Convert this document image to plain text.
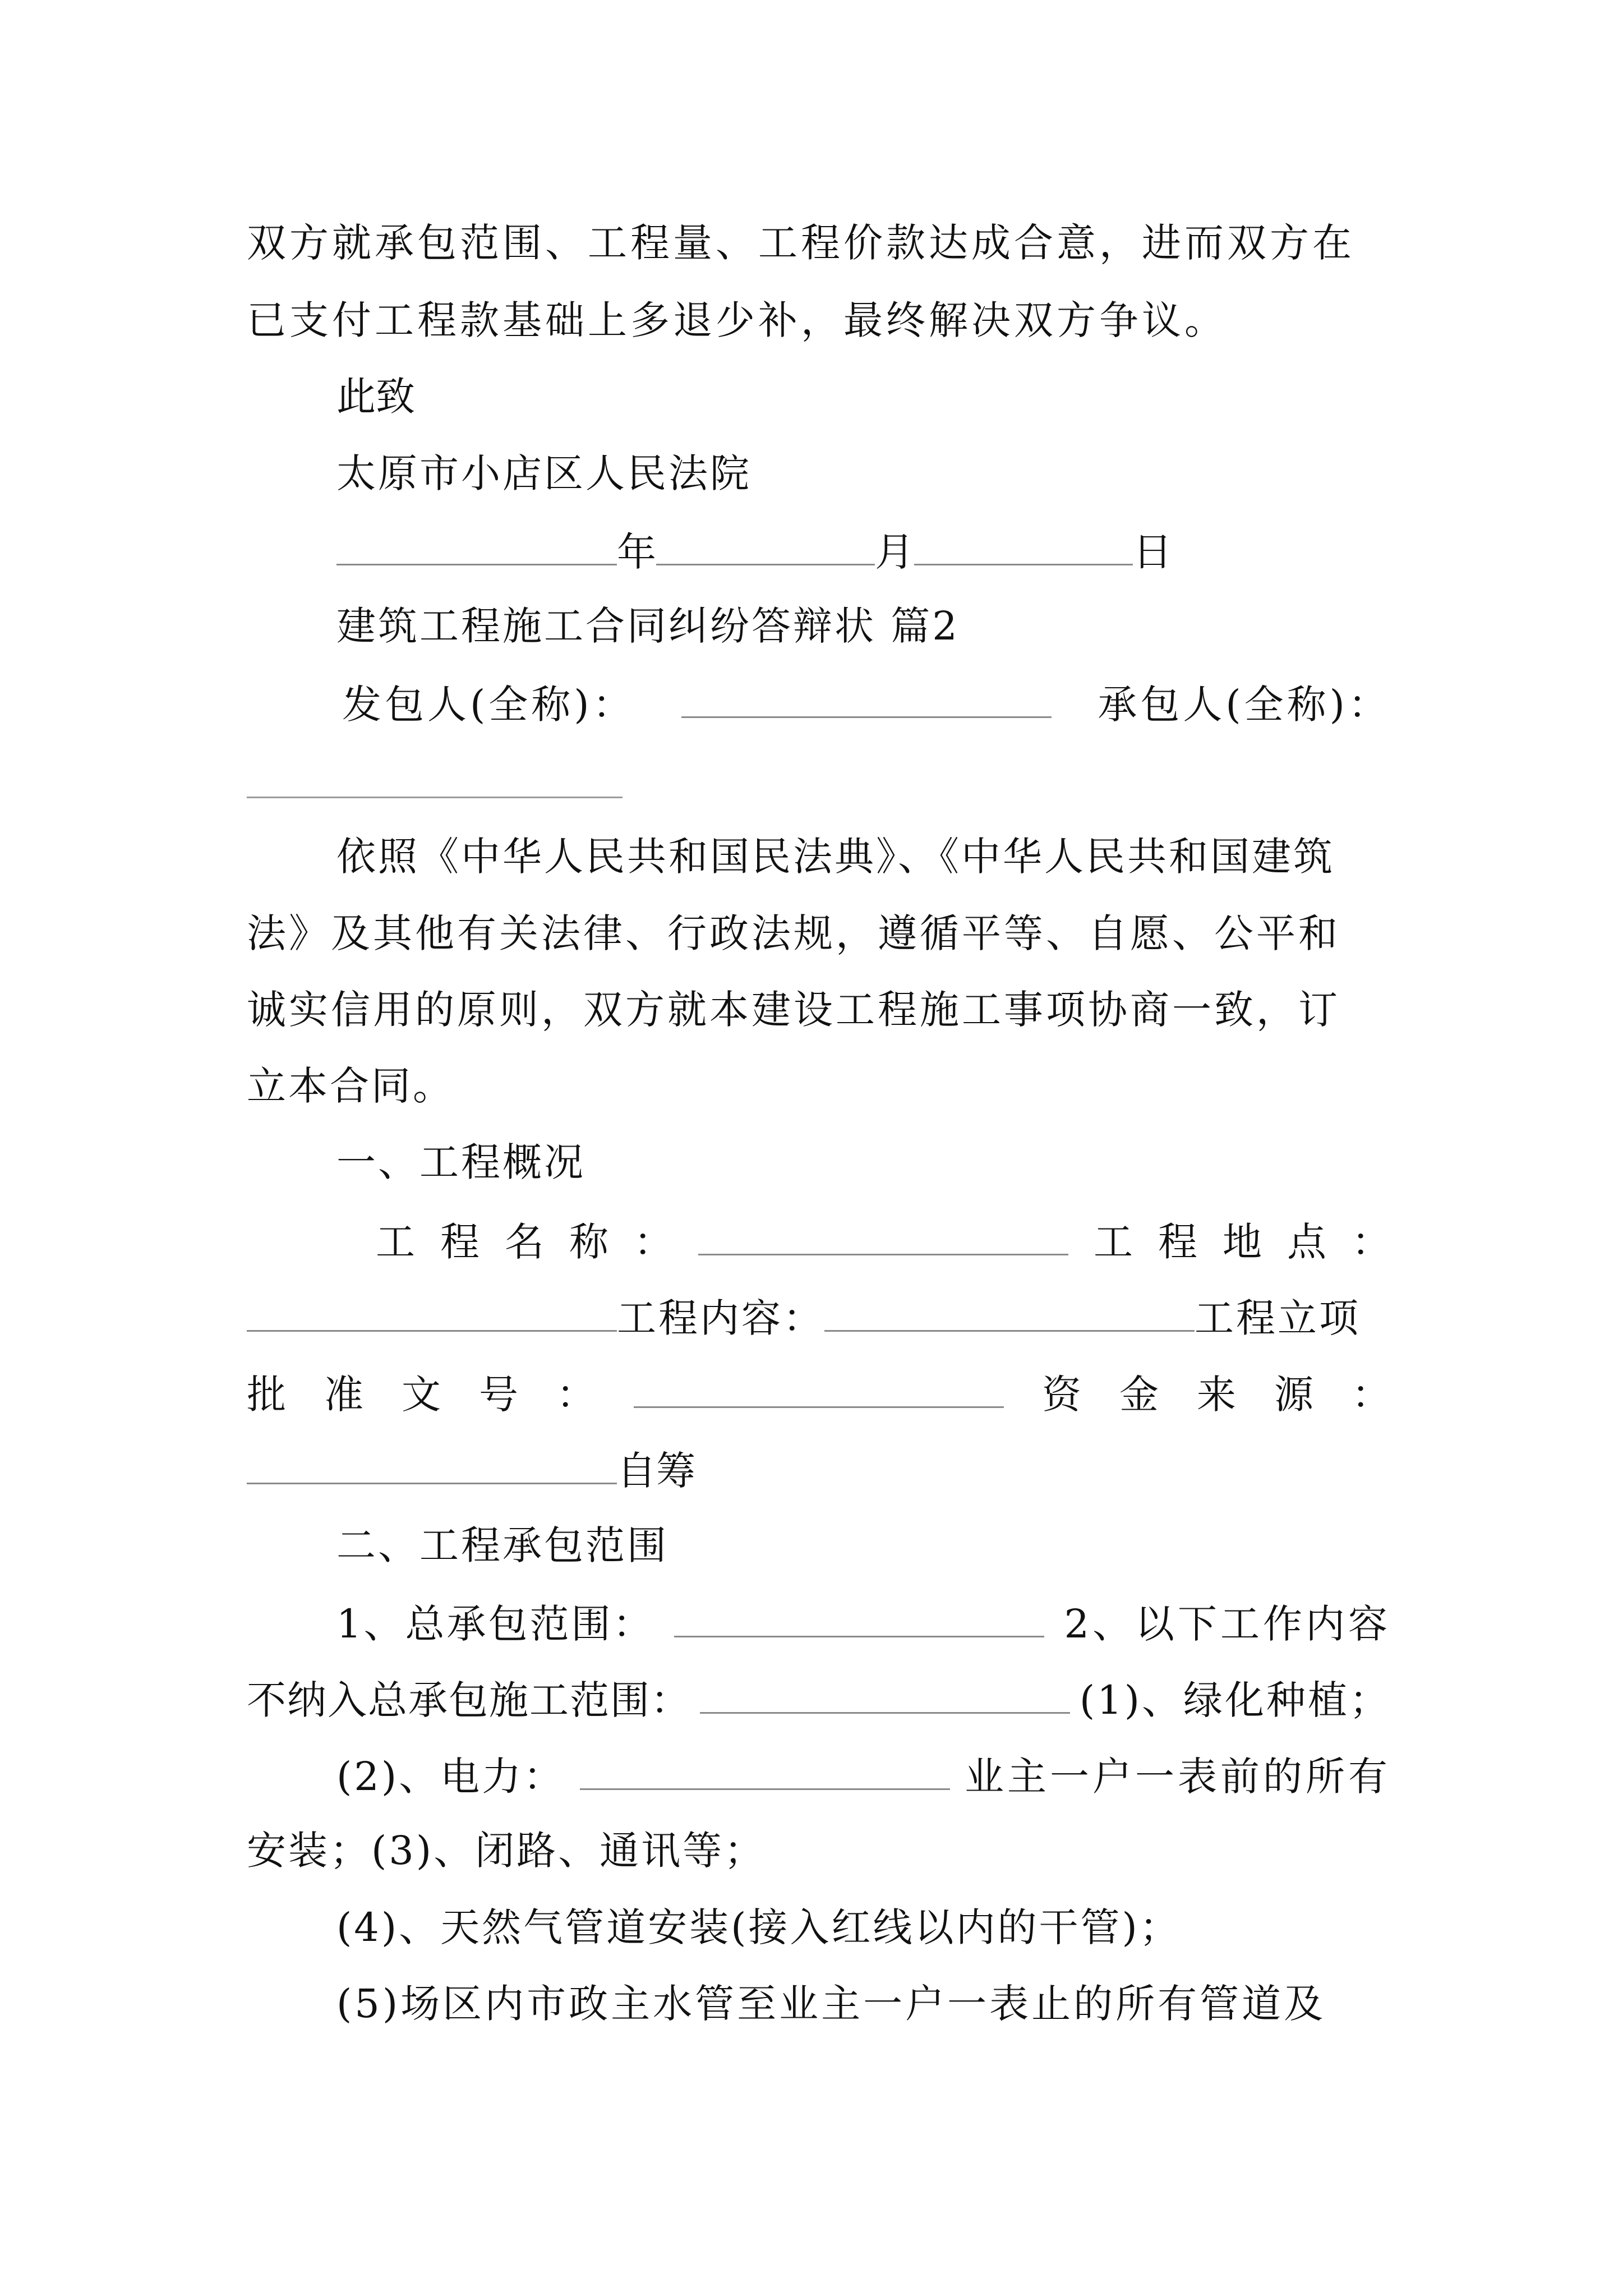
双方就承包范围、工程量、工程价款达成合意，进而双方在
已支付工程款基础上多退少补，最终解决双方争议。
此致
太原市小店区人民法院
年	月	日
建筑工程施工合同纠纷答辩状 篇2
发包人(全称)：	承包人(全称)：
依照《中华人民共和国民法典》、《中华人民共和国建筑
法》及其他有关法律、行政法规，遵循平等、自愿、公平和
诚实信用的原则，双方就本建设工程施工事项协商一致，订
立本合同。
一、工程概况
工 程 名 称 ：	工 程 地 点 ：
工程内容：	工程立项
批 准 文 号 ：	资 金 来 源 ：
自筹
二、工程承包范围
1、总承包范围：	2、以下工作内容
不纳入总承包施工范围：	(1)、绿化种植；
(2)、电力：	业主一户一表前的所有
安装；(3)、闭路、通讯等；
(4)、天然气管道安装(接入红线以内的干管)；
(5)场区内市政主水管至业主一户一表止的所有管道及
